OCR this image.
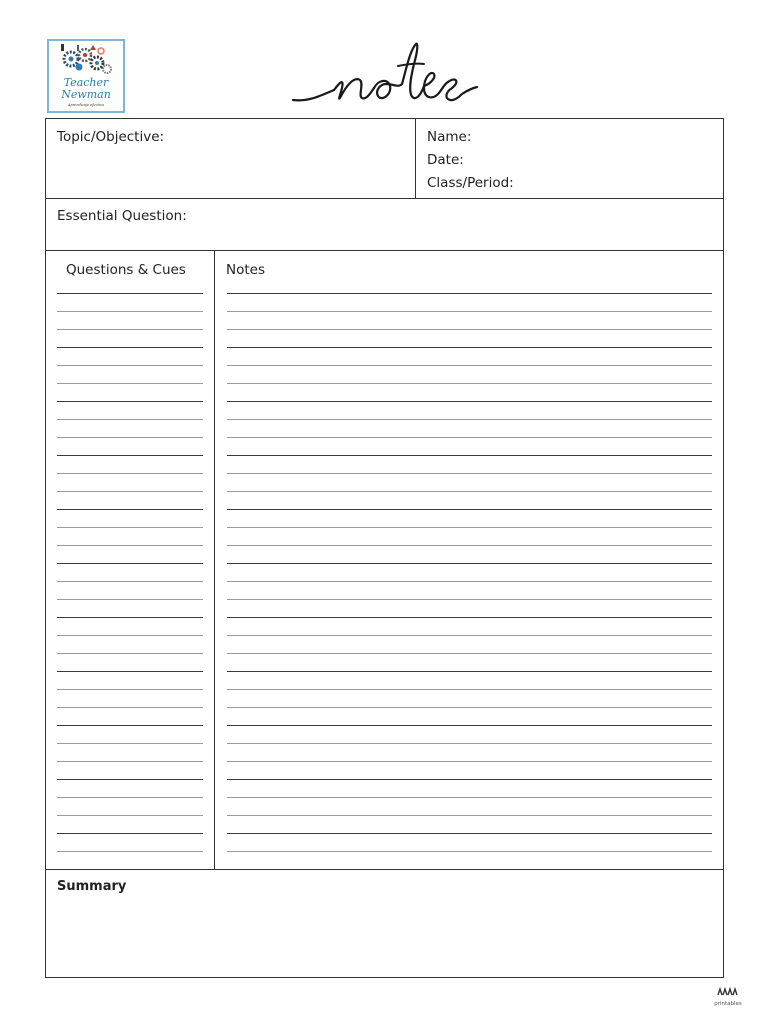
Teacher
Newman
Aprendizaje efectivo
Topic/Objective:	Name:
Date:
Class/Period:
Essential Question:
Questions & Cues	Notes
Summary
printables
